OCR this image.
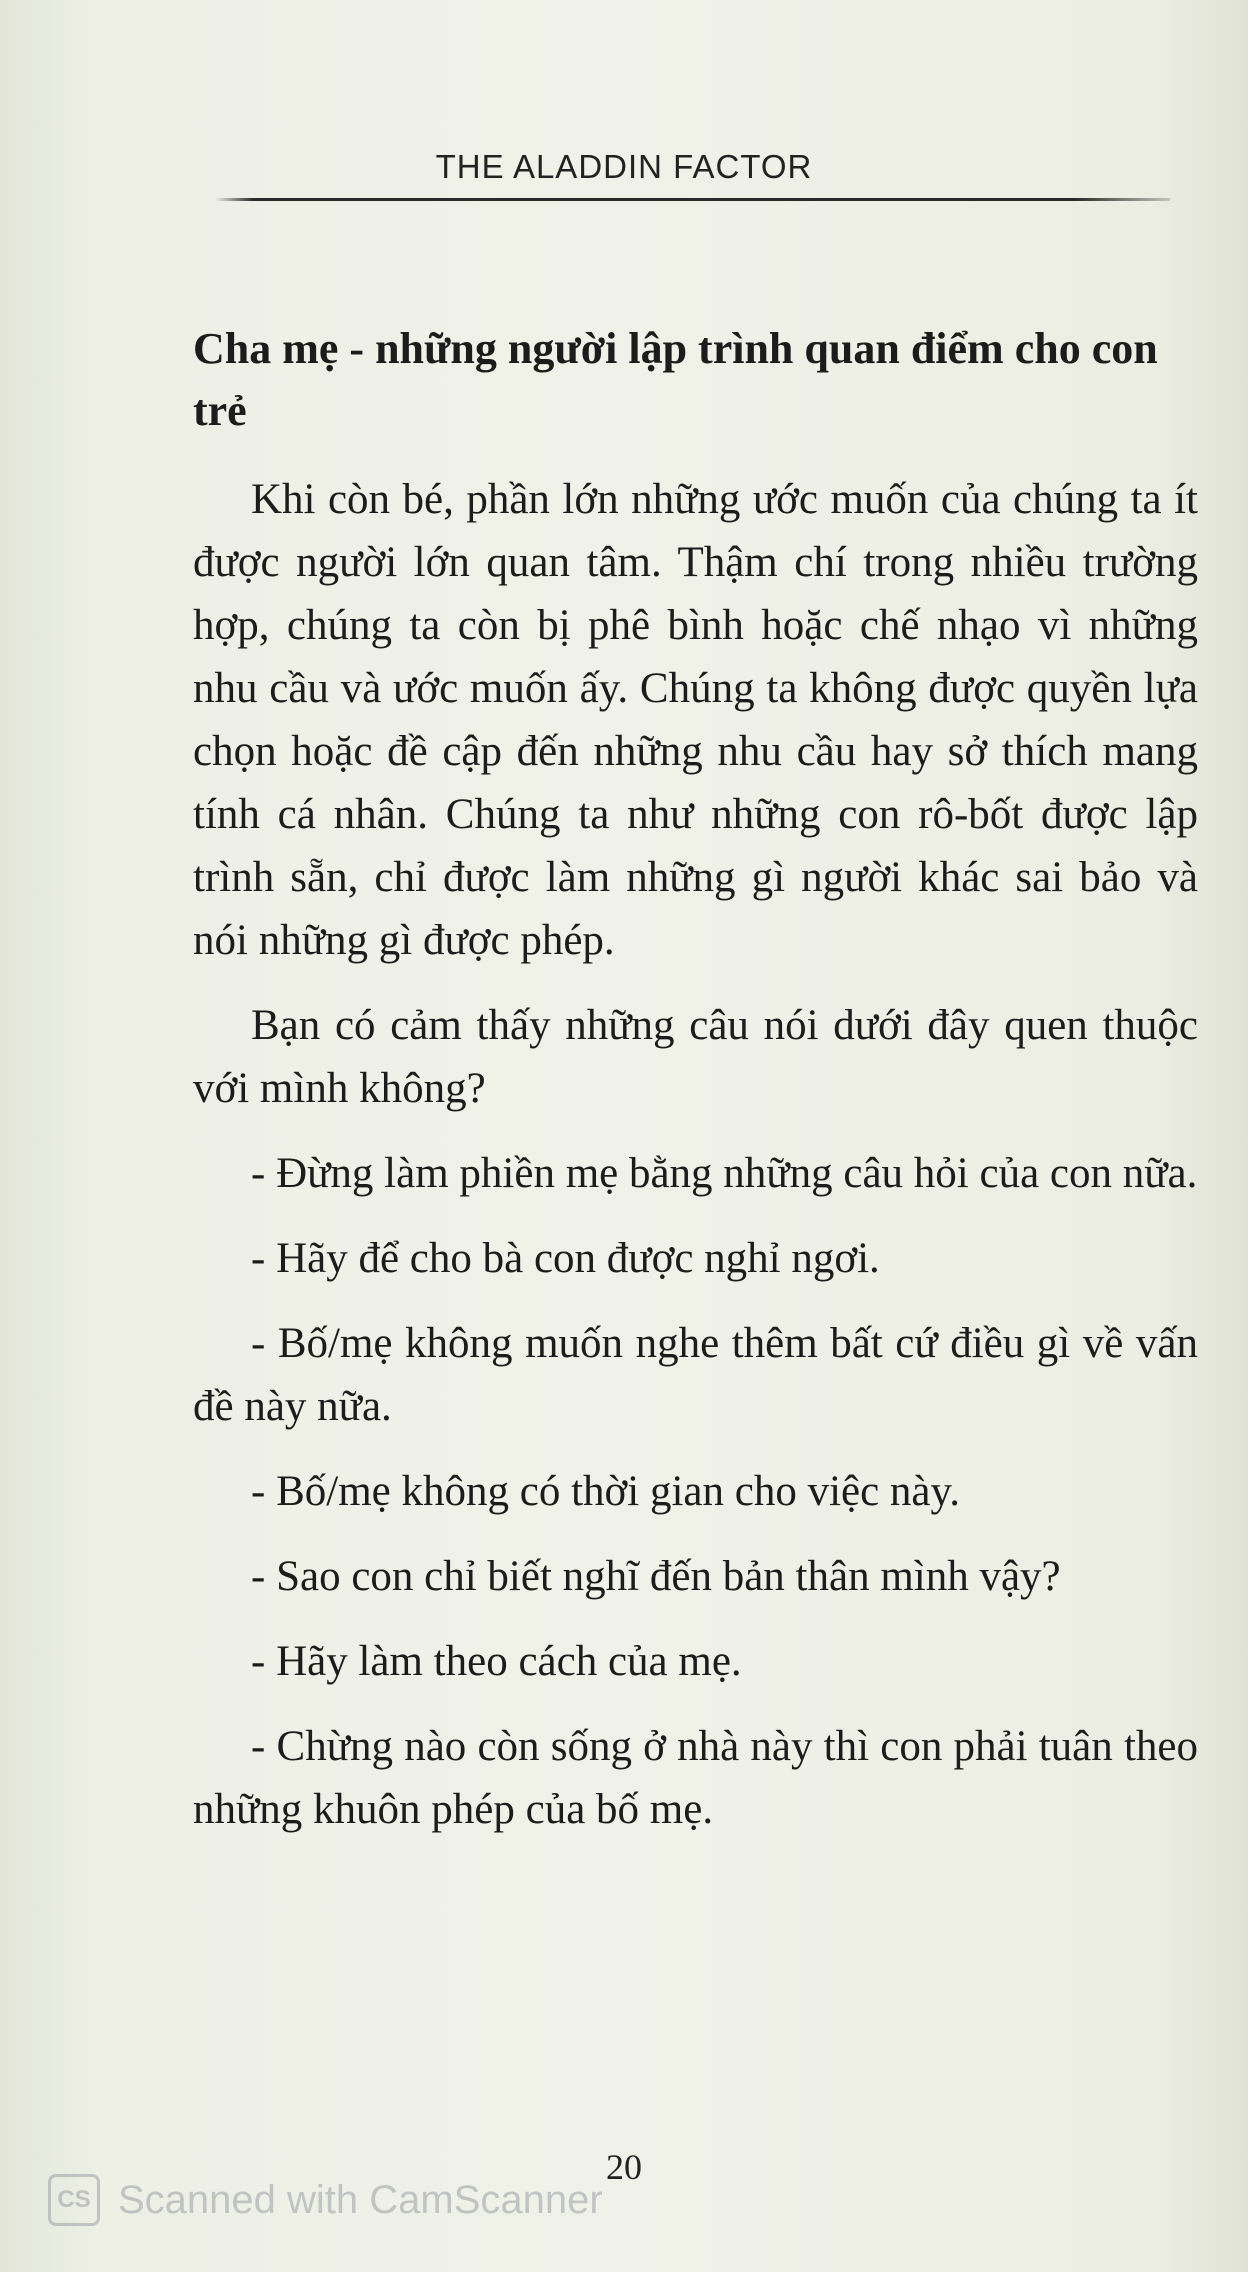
THE ALADDIN FACTOR
Cha mẹ - những người lập trình quan điểm cho con trẻ

Khi còn bé, phần lớn những ước muốn của chúng ta ít được người lớn quan tâm. Thậm chí trong nhiều trường hợp, chúng ta còn bị phê bình hoặc chế nhạo vì những nhu cầu và ước muốn ấy. Chúng ta không được quyền lựa chọn hoặc đề cập đến những nhu cầu hay sở thích mang tính cá nhân. Chúng ta như những con rô-bốt được lập trình sẵn, chỉ được làm những gì người khác sai bảo và nói những gì được phép.

Bạn có cảm thấy những câu nói dưới đây quen thuộc với mình không?

- Đừng làm phiền mẹ bằng những câu hỏi của con nữa.

- Hãy để cho bà con được nghỉ ngơi.

- Bố/mẹ không muốn nghe thêm bất cứ điều gì về vấn đề này nữa.

- Bố/mẹ không có thời gian cho việc này.

- Sao con chỉ biết nghĩ đến bản thân mình vậy?

- Hãy làm theo cách của mẹ.

- Chừng nào còn sống ở nhà này thì con phải tuân theo những khuôn phép của bố mẹ.

20
CS Scanned with CamScanner
